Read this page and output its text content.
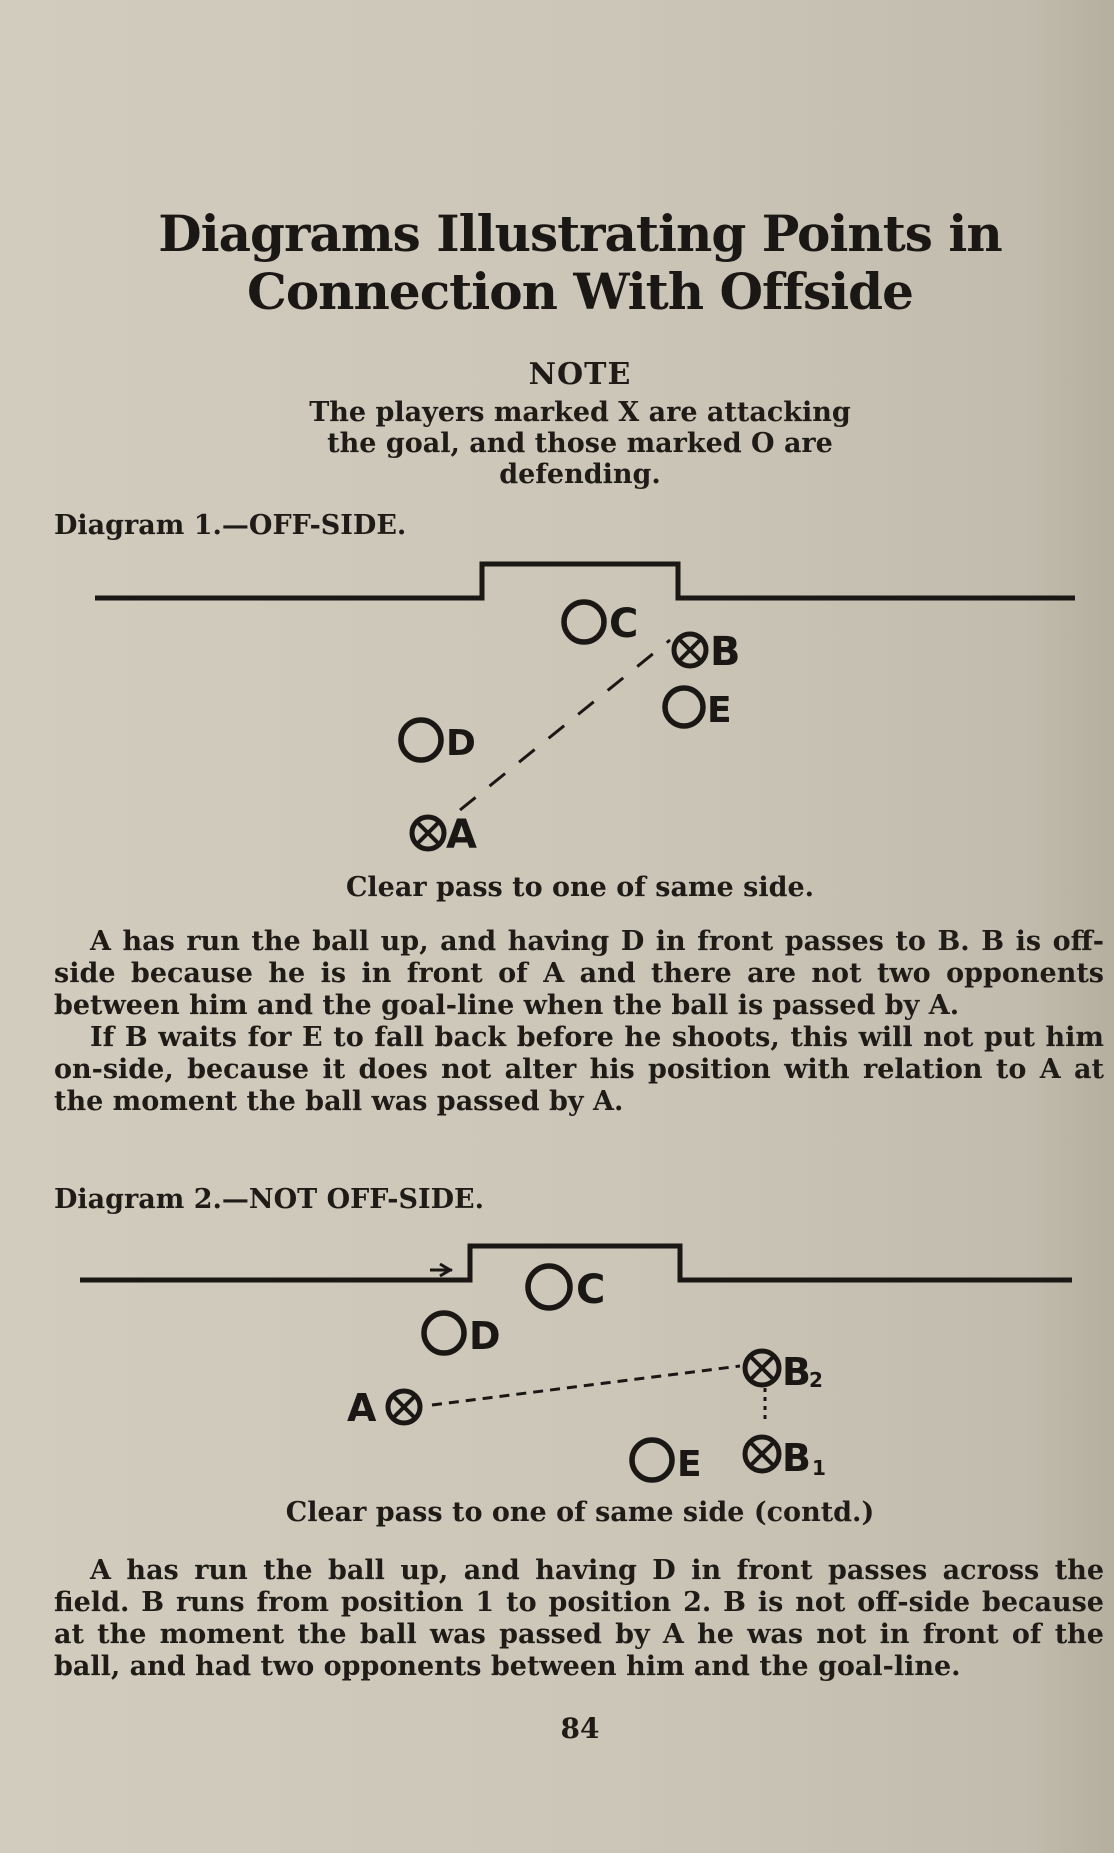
Diagrams Illustrating Points in Connection With Offside
NOTE
The players marked X are attacking the goal, and those marked O are defending.
Diagram 1.—OFF-SIDE.
C
B
E
D
A
Clear pass to one of same side.

A has run the ball up, and having D in front passes to B. B is off-side because he is in front of A and there are not two opponents between him and the goal-line when the ball is passed by A.

If B waits for E to fall back before he shoots, this will not put him on-side, because it does not alter his position with relation to A at the moment the ball was passed by A.

Diagram 2.—NOT OFF-SIDE.
C
D
A
B
2
E B 1
Clear pass to one of same side (contd.)

A has run the ball up, and having D in front passes across the field. B runs from position 1 to position 2. B is not off-side because at the moment the ball was passed by A he was not in front of the ball, and had two opponents between him and the goal-line.

84
